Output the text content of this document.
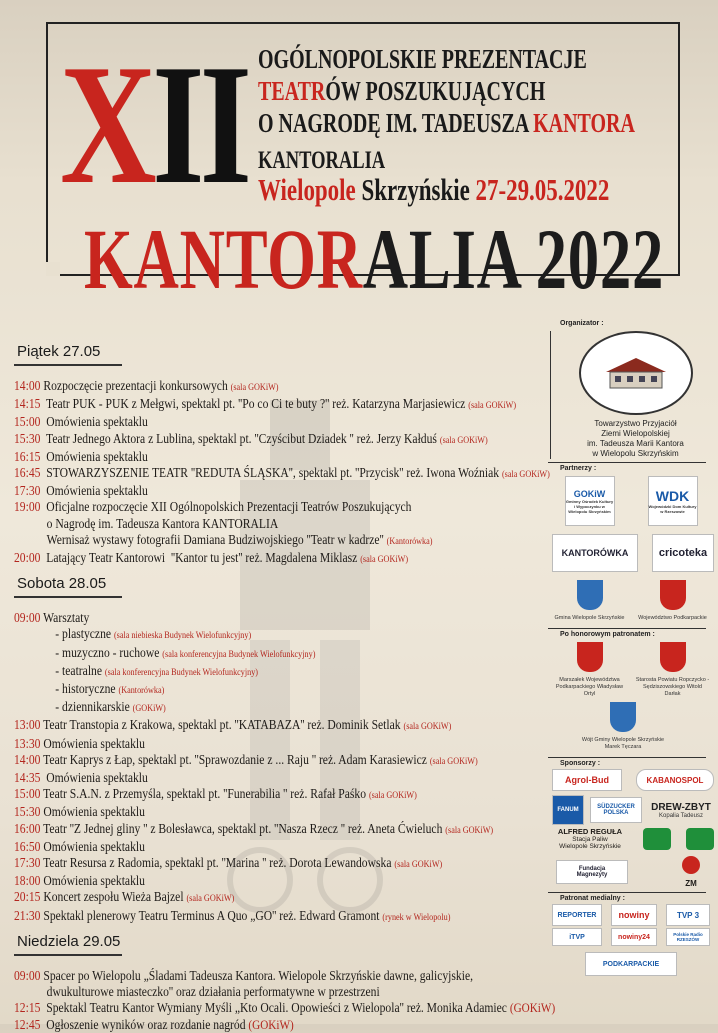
XII OGÓLNOPOLSKIE PREZENTACJE
TEATRÓW POSZUKUJĄCYCH
O NAGRODĘ IM. TADEUSZA KANTORA
KANTORALIA
Wielopole Skrzyńskie 27-29.05.2022
KANTORALIA 2022
Piątek 27.05
14:00 Rozpoczęcie prezentacji konkursowych (sala GOKiW)
14:15  Teatr PUK - PUK z Mełgwi, spektakl pt. ''Po co Ci te buty ?'' reż. Katarzyna Marjasiewicz (sala GOKiW)
15:00  Omówienia spektaklu
15:30  Teatr Jednego Aktora z Lublina, spektakl pt. ''Czyścibut Dziadek '' reż. Jerzy Kałduś (sala GOKiW)
16:15  Omówienia spektaklu
16:45  STOWARZYSZENIE TEATR ''REDUTA ŚLĄSKA'', spektakl pt. ''Przycisk'' reż. Iwona Woźniak (sala GOKiW)
17:30  Omówienia spektaklu
19:00  Oficjalne rozpoczęcie XII Ogólnopolskich Prezentacji Teatrów Poszukujących
o Nagrodę im. Tadeusza Kantora KANTORALIA
Wernisaż wystawy fotografii Damiana Budziwojskiego ''Teatr w kadrze'' (Kantorówka)
20:00  Latający Teatr Kantorowi  ''Kantor tu jest'' reż. Magdalena Miklasz (sala GOKiW)
Sobota 28.05
09:00 Warsztaty
- plastyczne (sala niebieska Budynek Wielofunkcyjny)
- muzyczno - ruchowe (sala konferencyjna Budynek Wielofunkcyjny)
- teatralne (sala konferencyjna Budynek Wielofunkcyjny)
- historyczne (Kantorówka)
- dziennikarskie (GOKiW)
13:00 Teatr Transtopia z Krakowa, spektakl pt. ''KATABAZA'' reż. Dominik Setlak (sala GOKiW)
13:30 Omówienia spektaklu
14:00 Teatr Kaprys z Łap, spektakl pt. ''Sprawozdanie z ... Raju '' reż. Adam Karasiewicz (sala GOKiW)
14:35  Omówienia spektaklu
15:00 Teatr S.A.N. z Przemyśla, spektakl pt. ''Funerabilia '' reż. Rafał Paśko (sala GOKiW)
15:30 Omówienia spektaklu
16:00 Teatr ''Z Jednej gliny '' z Bolesławca, spektakl pt. ''Nasza Rzecz '' reż. Aneta Ćwieluch (sala GOKiW)
16:50 Omówienia spektaklu
17:30 Teatr Resursa z Radomia, spektakl pt. ''Marina '' reż. Dorota Lewandowska (sala GOKiW)
18:00 Omówienia spektaklu
20:15 Koncert zespołu Wieża Bajzel (sala GOKiW)
21:30 Spektakl plenerowy Teatru Terminus A Quo „GO'' reż. Edward Gramont (rynek w Wielopolu)
Niedziela 29.05
09:00 Spacer po Wielopolu „Śladami Tadeusza Kantora. Wielopole Skrzyńskie dawne, galicyjskie,
dwukulturowe miasteczko'' oraz działania performatywne w przestrzeni
12:15  Spektakl Teatru Kantor Wymiany Myśli „Kto Ocali. Opowieści z Wielopola'' reż. Monika Adamiec (GOKiW)
12:45  Ogłoszenie wyników oraz rozdanie nagród (GOKiW)
Organizator :
Towarzystwo Przyjaciół
Ziemi Wielopolskiej
im. Tadeusza Marii Kantora
w Wielopolu Skrzyńskim
Partnerzy :
GOKiW
Gminny Ośrodek Kultury i Wypoczynku w Wielopolu Skrzyńskim
WDK
Wojewódzki Dom Kultury w Rzeszowie
KANTORÓWKA	cricoteka
Gmina Wielopole Skrzyńskie Województwo Podkarpackie
Po honorowym patronatem :
Marszałek Województwa Podkarpackiego Władysław Ortyl
Starosta Powiatu Ropczycko - Sędziszowskiego Witold Darłak
Wójt Gminy Wielopole Skrzyńskie Marek Tęczara
Sponsorzy :
Agrol-Bud	KABANOSPOL
FANUM	SÜDZUCKER POLSKA
DREW-ZBYT
Kopalia Tadeusz
ALFRED REGUŁA
Stacja Paliw
Wielopole Skrzyńskie
Fundacja
Magnezyty
ZM
Patronat medialny :
REPORTER	nowiny	TVP 3
iTVP	nowiny24	Polskie Radio RZESZÓW
PODKARPACKIE
